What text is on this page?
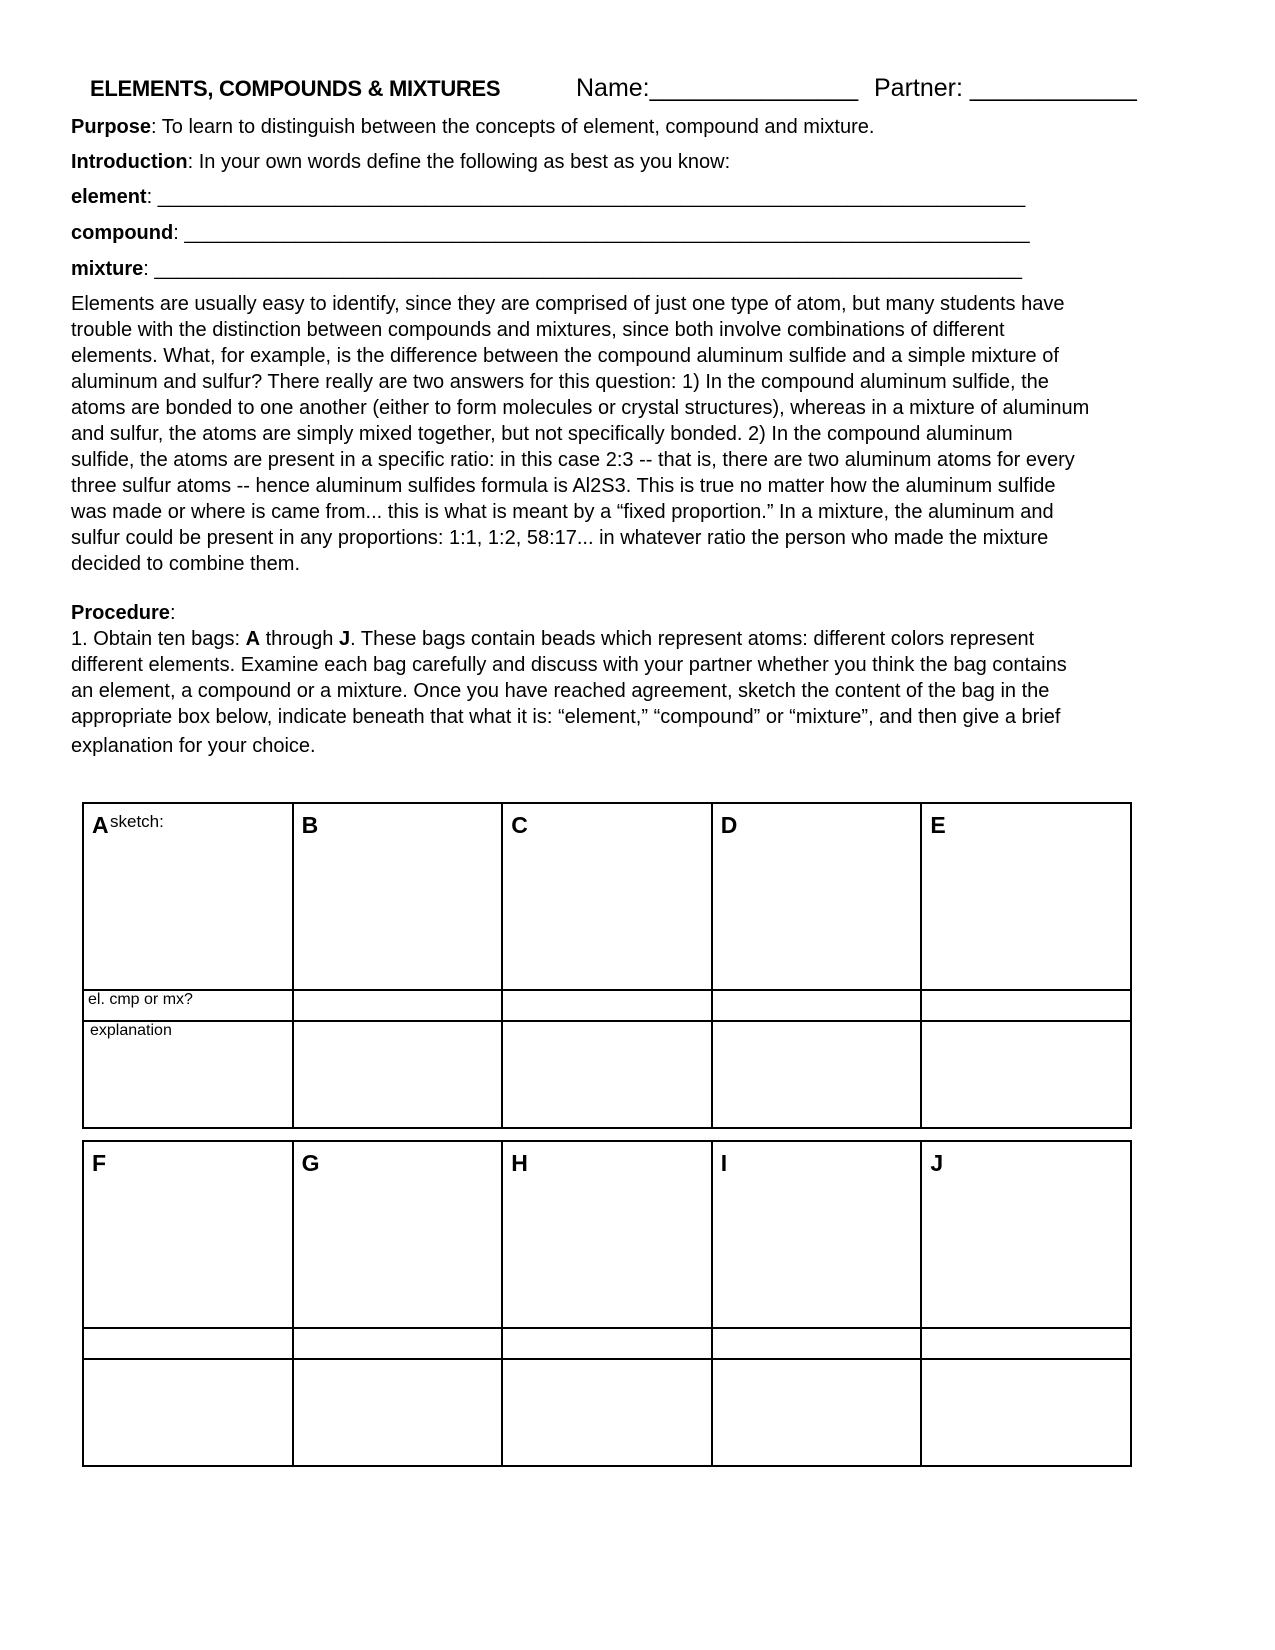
ELEMENTS, COMPOUNDS & MIXTURES	Name:_______________ Partner: ____________
Purpose: To learn to distinguish between the concepts of element, compound and mixture.
Introduction: In your own words define the following as best as you know:
element: ______________________________________________________________________________
compound: ____________________________________________________________________________
mixture: ______________________________________________________________________________

Elements are usually easy to identify, since they are comprised of just one type of atom, but many students have

trouble with the distinction between compounds and mixtures, since both involve combinations of different

elements. What, for example, is the difference between the compound aluminum sulfide and a simple mixture of

aluminum and sulfur? There really are two answers for this question: 1) In the compound aluminum sulfide, the

atoms are bonded to one another (either to form molecules or crystal structures), whereas in a mixture of aluminum

and sulfur, the atoms are simply mixed together, but not specifically bonded. 2) In the compound aluminum

sulfide, the atoms are present in a specific ratio: in this case 2:3 -- that is, there are two aluminum atoms for every

three sulfur atoms -- hence aluminum sulfides formula is Al2S3. This is true no matter how the aluminum sulfide

was made or where is came from... this is what is meant by a “fixed proportion.” In a mixture, the aluminum and

sulfur could be present in any proportions: 1:1, 1:2, 58:17... in whatever ratio the person who made the mixture

decided to combine them.

Procedure:

1. Obtain ten bags: A through J. These bags contain beads which represent atoms: different colors represent

different elements. Examine each bag carefully and discuss with your partner whether you think the bag contains

an element, a compound or a mixture. Once you have reached agreement, sketch the content of the bag in the

appropriate box below, indicate beneath that what it is: “element,” “compound” or “mixture”, and then give a brief

explanation for your choice.

A sketch:	B	C	D	E

el. cmp or mx?				

explanation				

F	G	H	I	J
